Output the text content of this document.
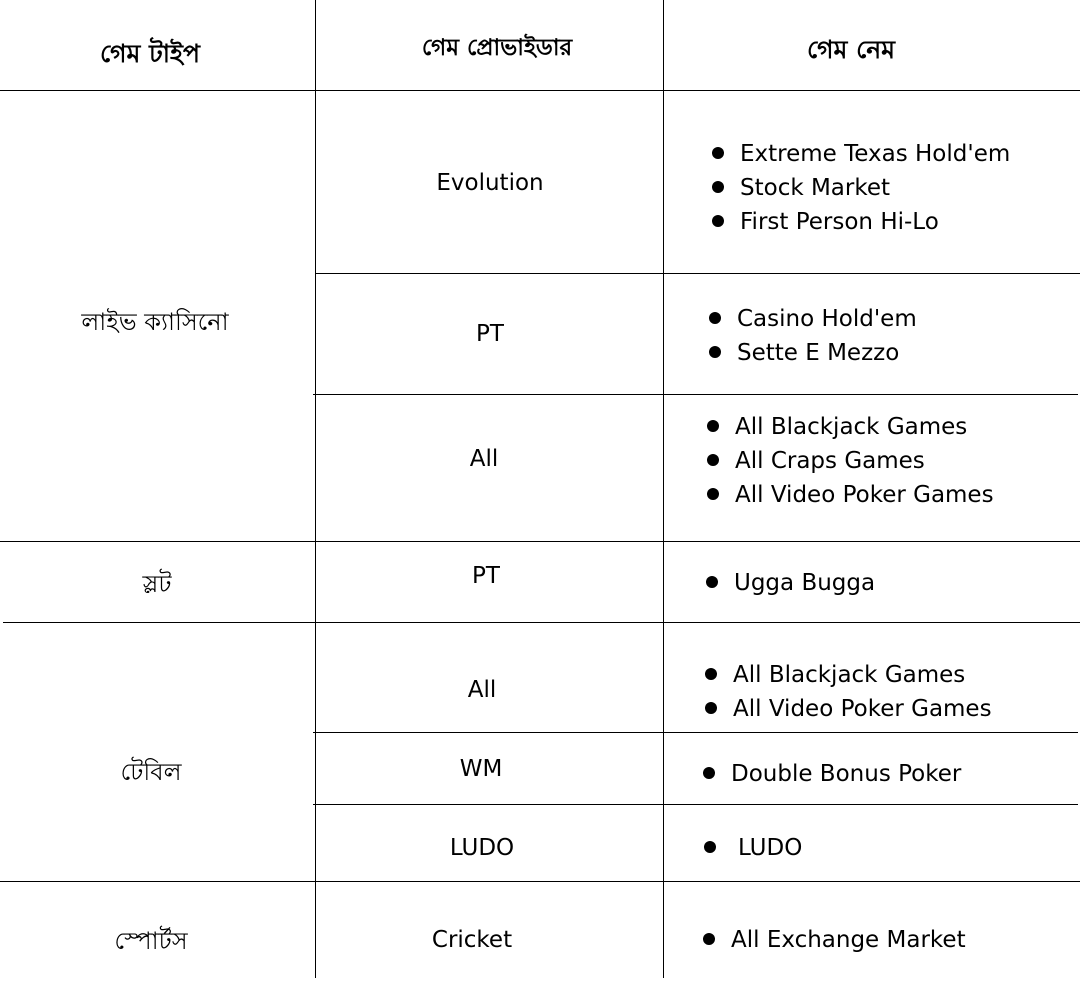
গেম টাইপ	গেম প্রোভাইডার	গেম নেম
লাইভ ক্যাসিনো
স্লট
টেবিল
স্পোর্টস
Evolution
PT
All
PT
All
WM
LUDO
Cricket
Extreme Texas Hold'em
Stock Market
First Person Hi-Lo
Casino Hold'em
Sette E Mezzo
All Blackjack Games
All Craps Games
All Video Poker Games
Ugga Bugga
All Blackjack Games
All Video Poker Games
Double Bonus Poker
LUDO
All Exchange Market
